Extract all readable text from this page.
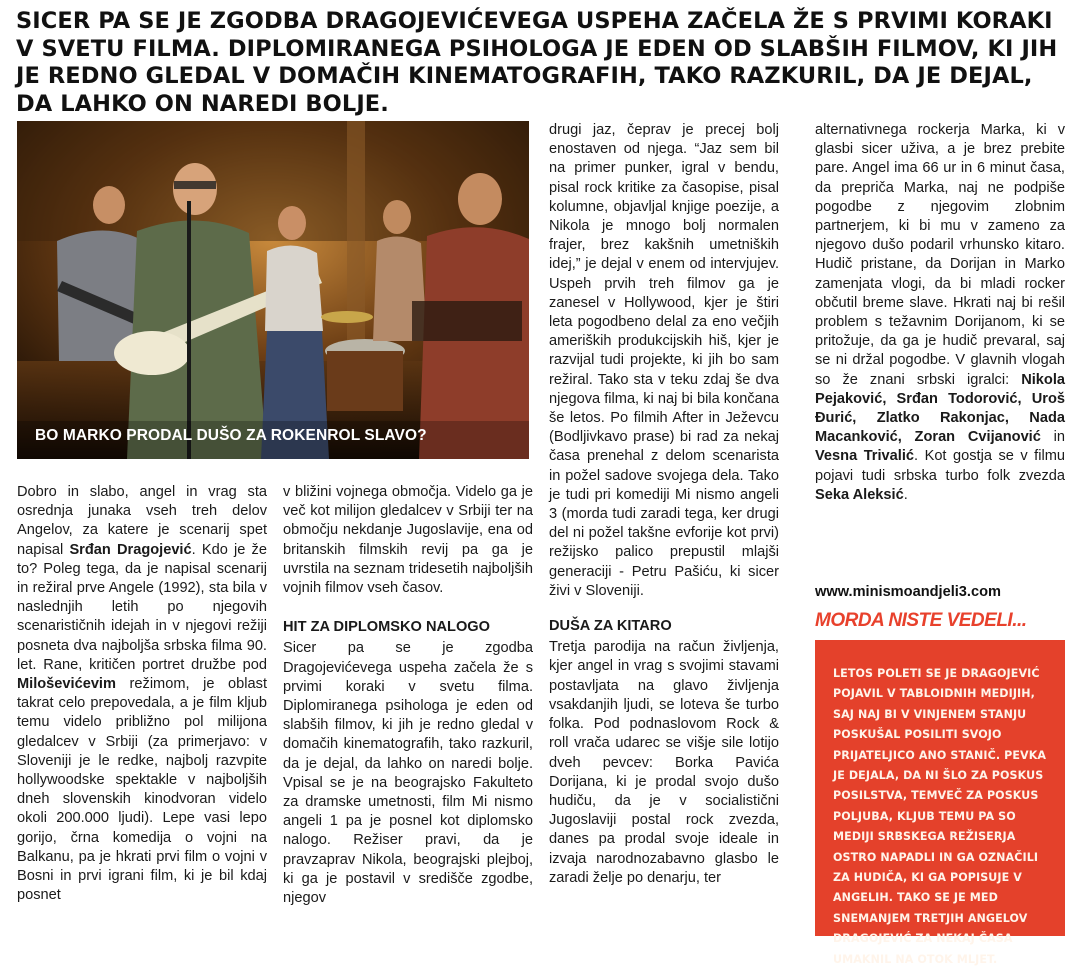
SICER PA SE JE ZGODBA DRAGOJEVIĆEVEGA USPEHA ZAČELA ŽE S PRVIMI KORAKI V SVETU FILMA. DIPLOMIRANEGA PSIHOLOGA JE EDEN OD SLABŠIH FILMOV, KI JIH JE REDNO GLEDAL V DOMAČIH KINEMATOGRAFIH, TAKO RAZKURIL, DA JE DEJAL, DA LAHKO ON NAREDI BOLJE.
BO MARKO PRODAL DUŠO ZA ROKENROL SLAVO?

Dobro in slabo, angel in vrag sta osrednja junaka vseh treh delov Angelov, za katere je scenarij spet napisal Srđan Dragojević. Kdo je že to? Poleg tega, da je napisal scenarij in režiral prve Angele (1992), sta bila v naslednjih letih po njegovih scenarističnih idejah in v njegovi režiji posneta dva najboljša srbska filma 90. let. Rane, kritičen portret družbe pod Miloševićevim režimom, je oblast takrat celo prepovedala, a je film kljub temu videlo približno pol milijona gledalcev v Srbiji (za primerjavo: v Sloveniji je le redke, najbolj razvpite hollywoodske spektakle v najboljših dneh slovenskih kinodvoran videlo okoli 200.000 ljudi). Lepe vasi lepo gorijo, črna komedija o vojni na Balkanu, pa je hkrati prvi film o vojni v Bosni in prvi igrani film, ki je bil kdaj posnet

v bližini vojnega območja. Videlo ga je več kot milijon gledalcev v Srbiji ter na območju nekdanje Jugoslavije, ena od britanskih filmskih revij pa ga je uvrstila na seznam tridesetih najboljših vojnih filmov vseh časov.

HIT ZA DIPLOMSKO NALOGO

Sicer pa se je zgodba Dragojevićevega uspeha začela že s prvimi koraki v svetu filma. Diplomiranega psihologa je eden od slabših filmov, ki jih je redno gledal v domačih kinematografih, tako razkuril, da je dejal, da lahko on naredi bolje. Vpisal se je na beograjsko Fakulteto za dramske umetnosti, film Mi nismo angeli 1 pa je posnel kot diplomsko nalogo. Režiser pravi, da je pravzaprav Nikola, beograjski plejboj, ki ga je postavil v središče zgodbe, njegov

drugi jaz, čeprav je precej bolj enostaven od njega. “Jaz sem bil na primer punker, igral v bendu, pisal rock kritike za časopise, pisal kolumne, objavljal knjige poezije, a Nikola je mnogo bolj normalen frajer, brez kakšnih umetniških idej,” je dejal v enem od intervjujev. Uspeh prvih treh filmov ga je zanesel v Hollywood, kjer je štiri leta pogodbeno delal za eno večjih ameriških produkcijskih hiš, kjer je razvijal tudi projekte, ki jih bo sam režiral. Tako sta v teku zdaj še dva njegova filma, ki naj bi bila končana še letos. Po filmih After in Ježevcu (Bodljivkavo prase) bi rad za nekaj časa prenehal z delom scenarista in požel sadove svojega dela. Tako je tudi pri komediji Mi nismo angeli 3 (morda tudi zaradi tega, ker drugi del ni požel takšne evforije kot prvi) režijsko palico prepustil mlajši generaciji - Petru Pašiću, ki sicer živi v Sloveniji.

DUŠA ZA KITARO

Tretja parodija na račun življenja, kjer angel in vrag s svojimi stavami postavljata na glavo življenja vsakdanjih ljudi, se loteva še turbo folka. Pod podnaslovom Rock & roll vrača udarec se višje sile lotijo dveh pevcev: Borka Pavića Dorijana, ki je prodal svojo dušo hudiču, da je v socialistični Jugoslaviji postal rock zvezda, danes pa prodal svoje ideale in izvaja narodnozabavno glasbo le zaradi želje po denarju, ter

alternativnega rockerja Marka, ki v glasbi sicer uživa, a je brez prebite pare. Angel ima 66 ur in 6 minut časa, da prepriča Marka, naj ne podpiše pogodbe z njegovim zlobnim partnerjem, ki bi mu v zameno za njegovo dušo podaril vrhunsko kitaro. Hudič pristane, da Dorijan in Marko zamenjata vlogi, da bi mladi rocker občutil breme slave. Hkrati naj bi rešil problem s težavnim Dorijanom, ki se pritožuje, da ga je hudič prevaral, saj se ni držal pogodbe. V glavnih vlogah so že znani srbski igralci: Nikola Pejaković, Srđan Todorović, Uroš Đurić, Zlatko Rakonjac, Nada Macanković, Zoran Cvijanović in Vesna Trivalić. Kot gostja se v filmu pojavi tudi srbska turbo folk zvezda Seka Aleksić.

www.minismoandjeli3.com
MORDA NISTE VEDELI...

LETOS POLETI SE JE DRAGOJEVIĆ POJAVIL V TABLOIDNIH MEDIJIH, SAJ NAJ BI V VINJENEM STANJU POSKUŠAL POSILITI SVOJO PRIJATELJICO ANO STANIČ. PEVKA JE DEJALA, DA NI ŠLO ZA POSKUS POSILSTVA, TEMVEČ ZA POSKUS POLJUBA, KLJUB TEMU PA SO MEDIJI SRBSKEGA REŽISERJA OSTRO NAPADLI IN GA OZNAČILI ZA HUDIČA, KI GA POPISUJE V ANGELIH. TAKO SE JE MED SNEMANJEM TRETJIH ANGELOV DRAGOJEVIĆ ZA NEKAJ ČASA UMAKNIL NA OTOK MLJET.
